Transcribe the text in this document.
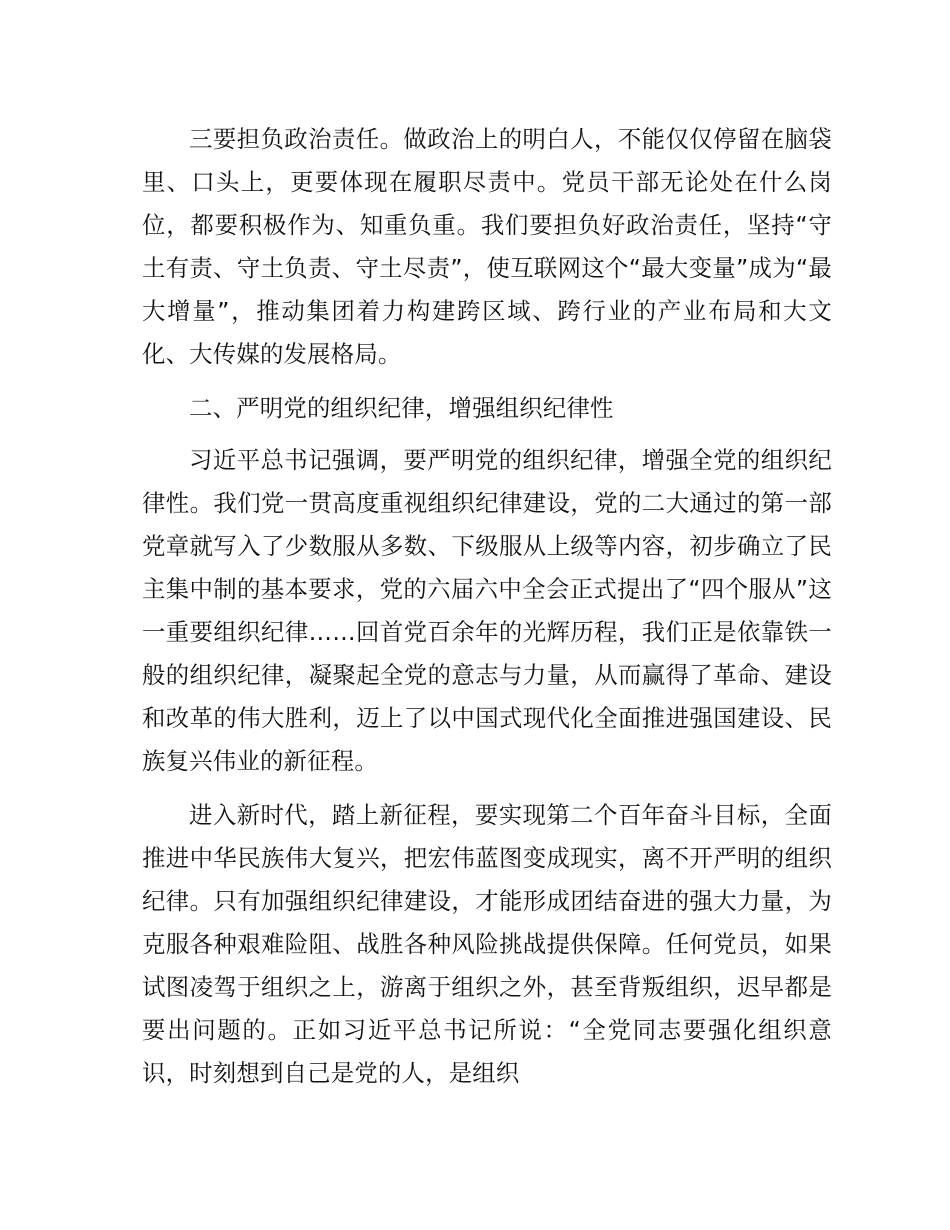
三要担负政治责任。做政治上的明白人，不能仅仅停留在脑袋里、口头上，更要体现在履职尽责中。党员干部无论处在什么岗位，都要积极作为、知重负重。我们要担负好政治责任，坚持“守土有责、守土负责、守土尽责”，使互联网这个“最大变量”成为“最大增量”，推动集团着力构建跨区域、跨行业的产业布局和大文化、大传媒的发展格局。

二、严明党的组织纪律，增强组织纪律性

习近平总书记强调，要严明党的组织纪律，增强全党的组织纪律性。我们党一贯高度重视组织纪律建设，党的二大通过的第一部党章就写入了少数服从多数、下级服从上级等内容，初步确立了民主集中制的基本要求，党的六届六中全会正式提出了“四个服从”这一重要组织纪律……回首党百余年的光辉历程，我们正是依靠铁一般的组织纪律，凝聚起全党的意志与力量，从而赢得了革命、建设和改革的伟大胜利，迈上了以中国式现代化全面推进强国建设、民族复兴伟业的新征程。

进入新时代，踏上新征程，要实现第二个百年奋斗目标，全面推进中华民族伟大复兴，把宏伟蓝图变成现实，离不开严明的组织纪律。只有加强组织纪律建设，才能形成团结奋进的强大力量，为克服各种艰难险阻、战胜各种风险挑战提供保障。任何党员，如果试图凌驾于组织之上，游离于组织之外，甚至背叛组织，迟早都是要出问题的。正如习近平总书记所说：“全党同志要强化组织意识，时刻想到自己是党的人，是组织
